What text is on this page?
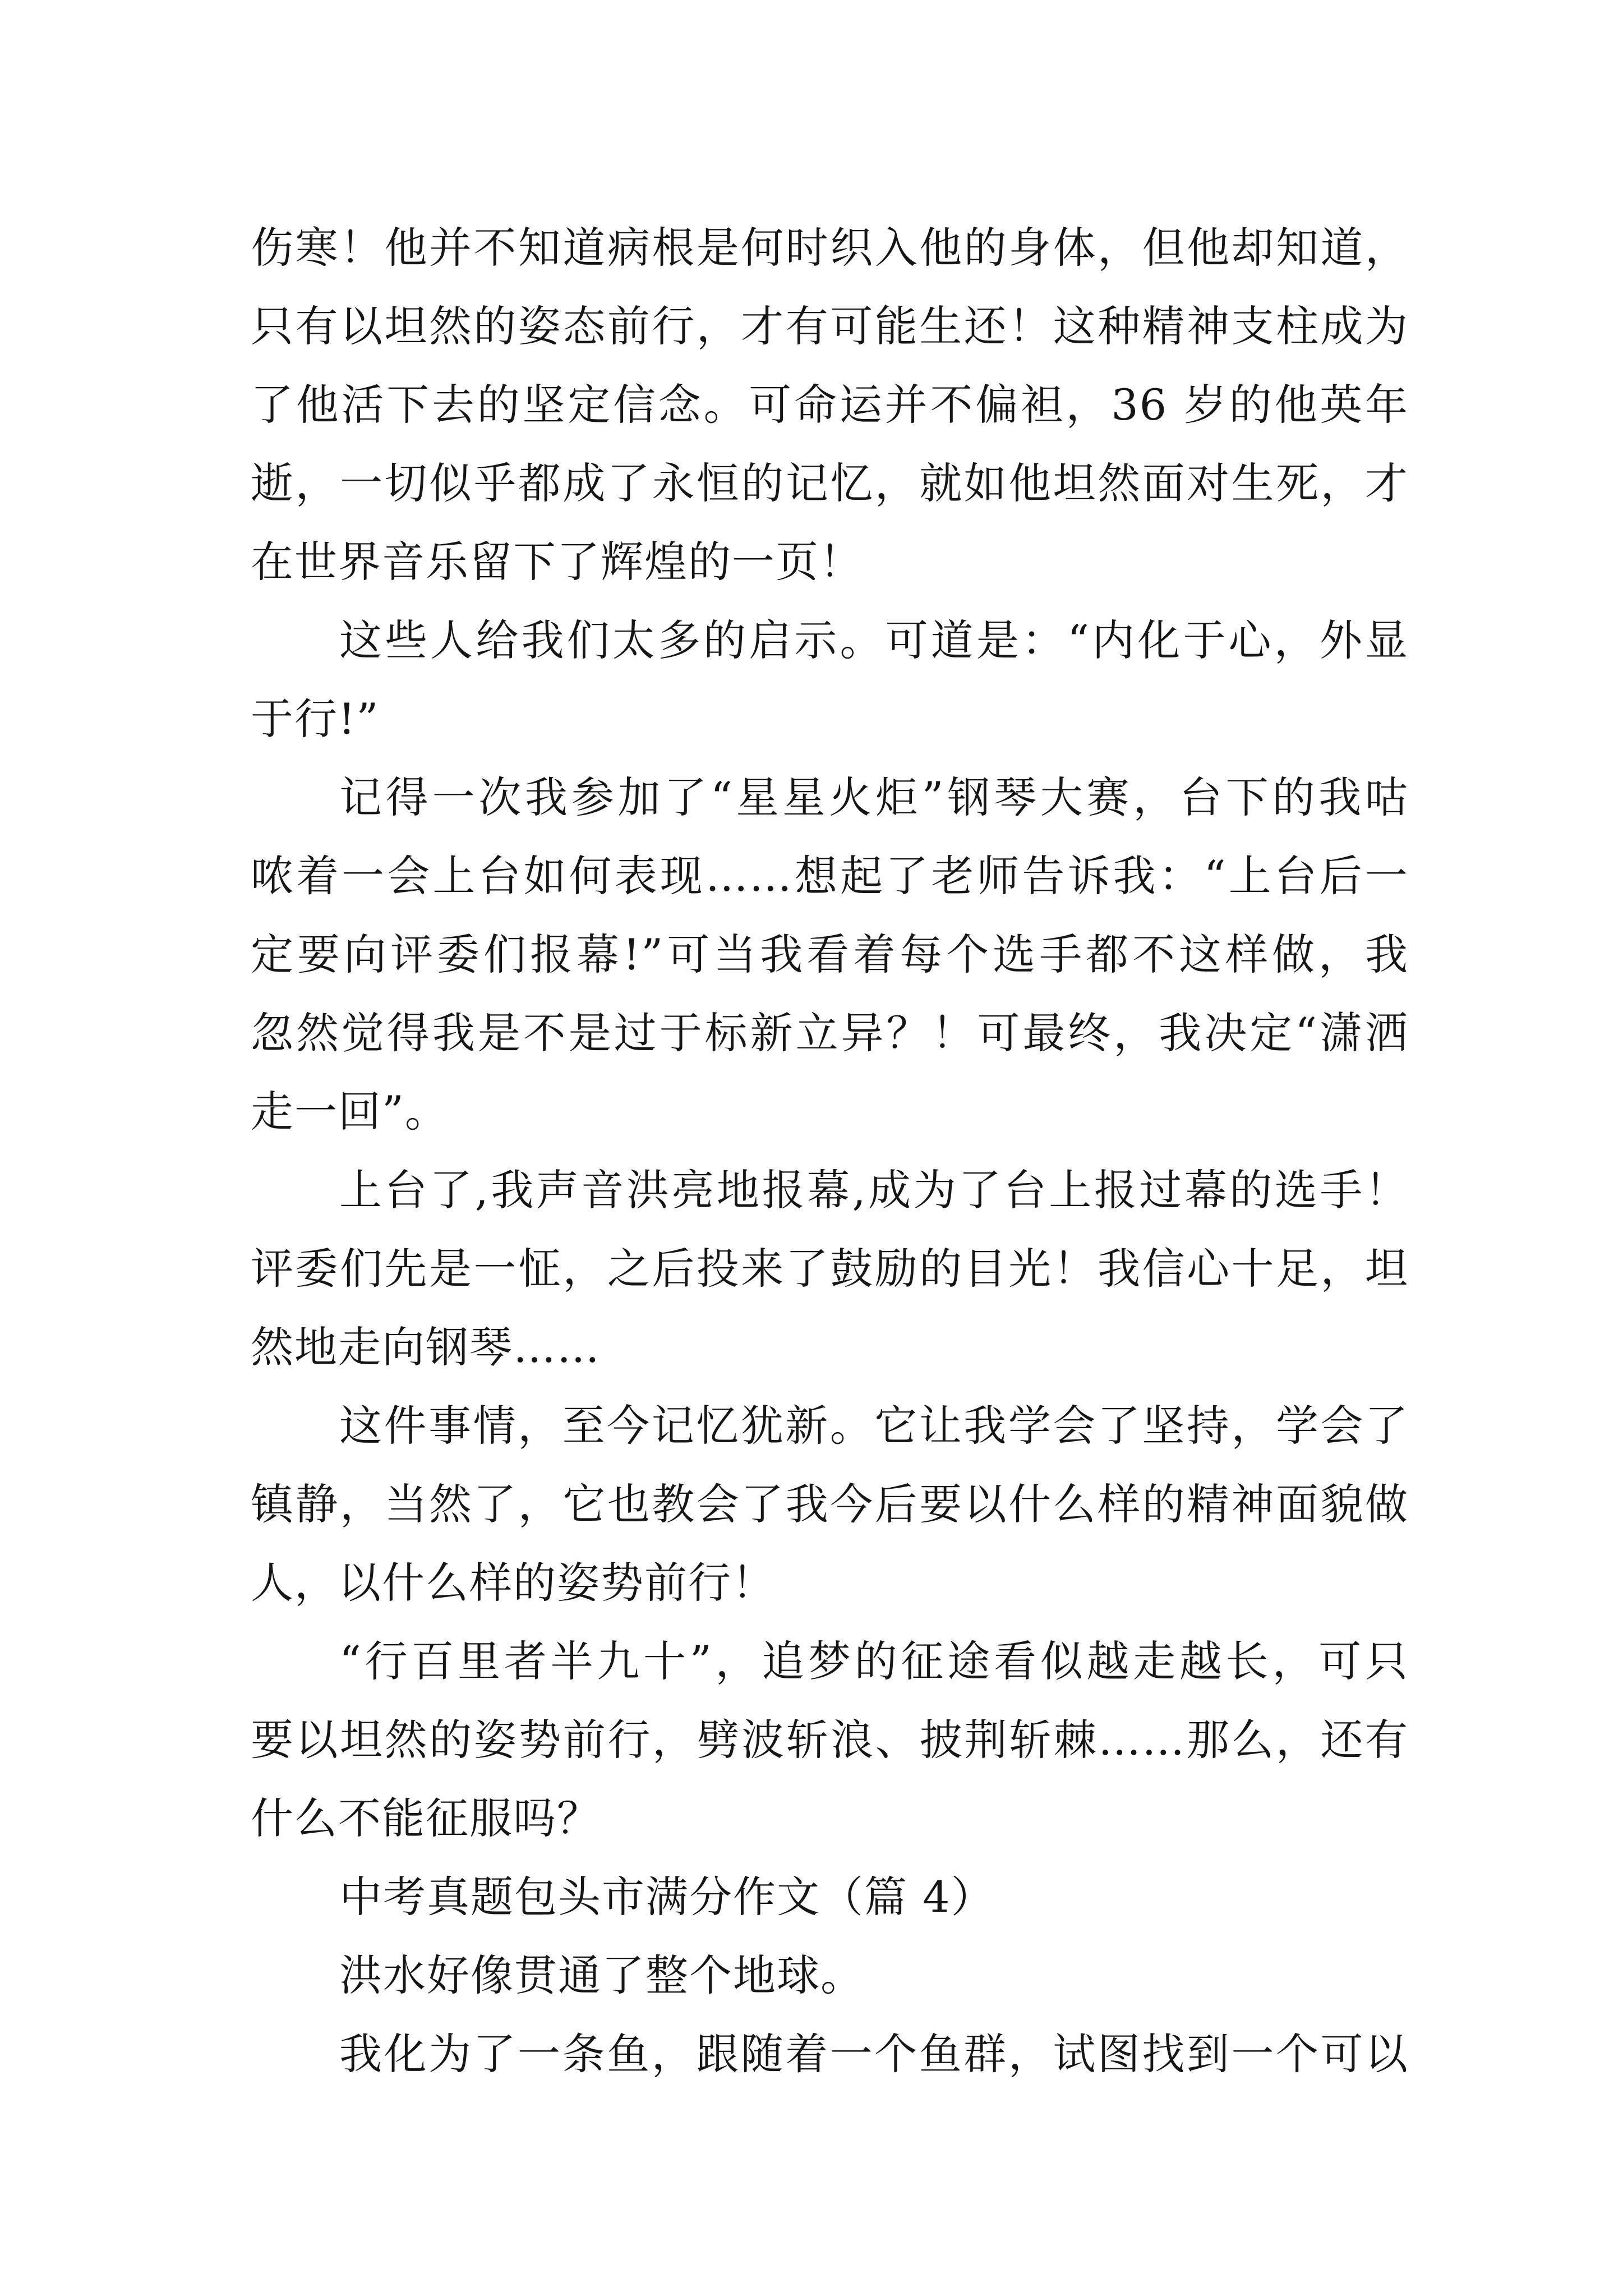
伤寒！他并不知道病根是何时织入他的身体，但他却知道，
只有以坦然的姿态前行，才有可能生还！这种精神支柱成为
了他活下去的坚定信念。可命运并不偏袒，36 岁的他英年
逝，一切似乎都成了永恒的记忆，就如他坦然面对生死，才
在世界音乐留下了辉煌的一页！
这些人给我们太多的启示。可道是：“内化于心，外显
于行!”
记得一次我参加了“星星火炬”钢琴大赛，台下的我咕
哝着一会上台如何表现……想起了老师告诉我：“上台后一
定要向评委们报幕!”可当我看着每个选手都不这样做，我
忽然觉得我是不是过于标新立异？！可最终，我决定“潇洒
走一回”。
上台了,我声音洪亮地报幕,成为了台上报过幕的选手！
评委们先是一怔，之后投来了鼓励的目光！我信心十足，坦
然地走向钢琴……
这件事情，至今记忆犹新。它让我学会了坚持，学会了
镇静，当然了，它也教会了我今后要以什么样的精神面貌做
人，以什么样的姿势前行！
“行百里者半九十”，追梦的征途看似越走越长，可只
要以坦然的姿势前行，劈波斩浪、披荆斩棘……那么，还有
什么不能征服吗？
中考真题包头市满分作文（篇 4）
洪水好像贯通了整个地球。
我化为了一条鱼，跟随着一个鱼群，试图找到一个可以
